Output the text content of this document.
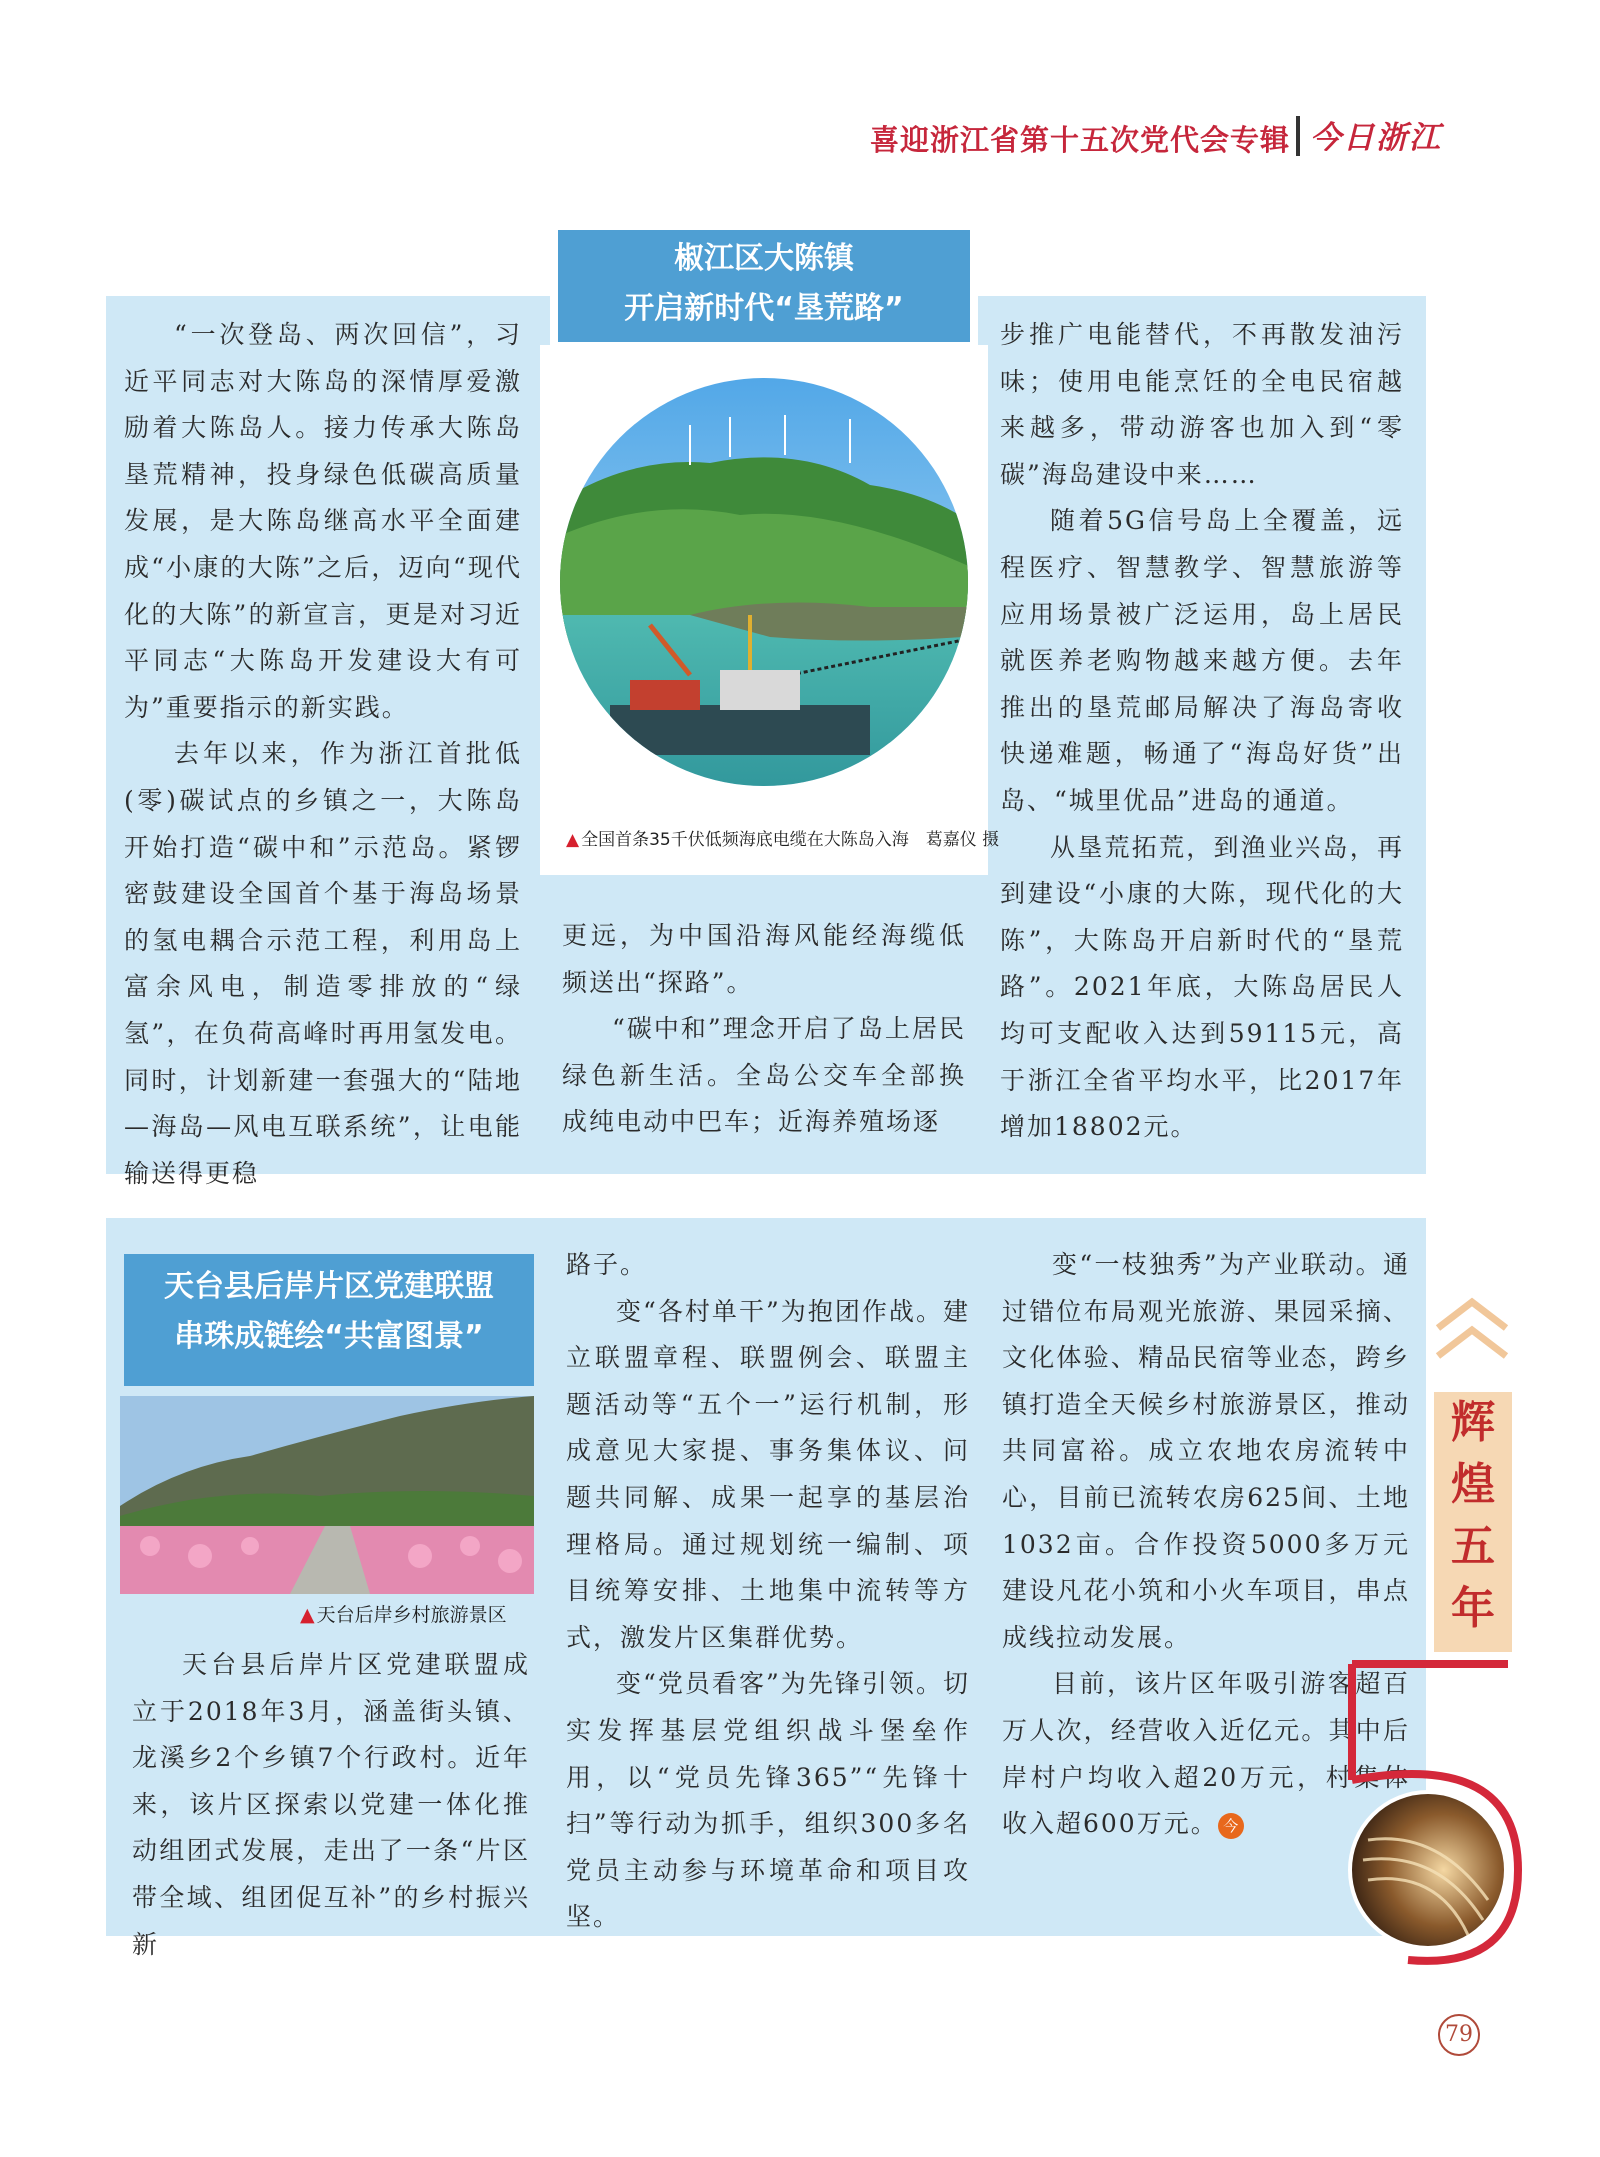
喜迎浙江省第十五次党代会专辑 今日浙江
椒江区大陈镇
开启新时代“垦荒路”
▲ 全国首条35千伏低频海底电缆在大陈岛入海　葛嘉仪 摄

“一次登岛、两次回信”，习近平同志对大陈岛的深情厚爱激励着大陈岛人。接力传承大陈岛垦荒精神，投身绿色低碳高质量发展，是大陈岛继高水平全面建成“小康的大陈”之后，迈向“现代化的大陈”的新宣言，更是对习近平同志“大陈岛开发建设大有可为”重要指示的新实践。

去年以来，作为浙江首批低(零)碳试点的乡镇之一，大陈岛开始打造“碳中和”示范岛。紧锣密鼓建设全国首个基于海岛场景的氢电耦合示范工程，利用岛上富余风电，制造零排放的“绿氢”，在负荷高峰时再用氢发电。同时，计划新建一套强大的“陆地—海岛—风电互联系统”，让电能输送得更稳

更远，为中国沿海风能经海缆低频送出“探路”。

“碳中和”理念开启了岛上居民绿色新生活。全岛公交车全部换成纯电动中巴车；近海养殖场逐

步推广电能替代，不再散发油污味；使用电能烹饪的全电民宿越来越多，带动游客也加入到“零碳”海岛建设中来……

随着5G信号岛上全覆盖，远程医疗、智慧教学、智慧旅游等应用场景被广泛运用，岛上居民就医养老购物越来越方便。去年推出的垦荒邮局解决了海岛寄收快递难题，畅通了“海岛好货”出岛、“城里优品”进岛的通道。

从垦荒拓荒，到渔业兴岛，再到建设“小康的大陈，现代化的大陈”，大陈岛开启新时代的“垦荒路”。2021年底，大陈岛居民人均可支配收入达到59115元，高于浙江全省平均水平，比2017年增加18802元。

天台县后岸片区党建联盟
串珠成链绘“共富图景”
▲ 天台后岸乡村旅游景区

天台县后岸片区党建联盟成立于2018年3月，涵盖街头镇、龙溪乡2个乡镇7个行政村。近年来，该片区探索以党建一体化推动组团式发展，走出了一条“片区带全域、组团促互补”的乡村振兴新

路子。

变“各村单干”为抱团作战。建立联盟章程、联盟例会、联盟主题活动等“五个一”运行机制，形成意见大家提、事务集体议、问题共同解、成果一起享的基层治理格局。通过规划统一编制、项目统筹安排、土地集中流转等方式，激发片区集群优势。

变“党员看客”为先锋引领。切实发挥基层党组织战斗堡垒作用，以“党员先锋365”“先锋十扫”等行动为抓手，组织300多名党员主动参与环境革命和项目攻坚。

变“一枝独秀”为产业联动。通过错位布局观光旅游、果园采摘、文化体验、精品民宿等业态，跨乡镇打造全天候乡村旅游景区，推动共同富裕。成立农地农房流转中心，目前已流转农房625间、土地1032亩。合作投资5000多万元建设凡花小筑和小火车项目，串点成线拉动发展。

目前，该片区年吸引游客超百万人次，经营收入近亿元。其中后岸村户均收入超20万元，村集体收入超600万元。 今

辉
煌
五
年
79
